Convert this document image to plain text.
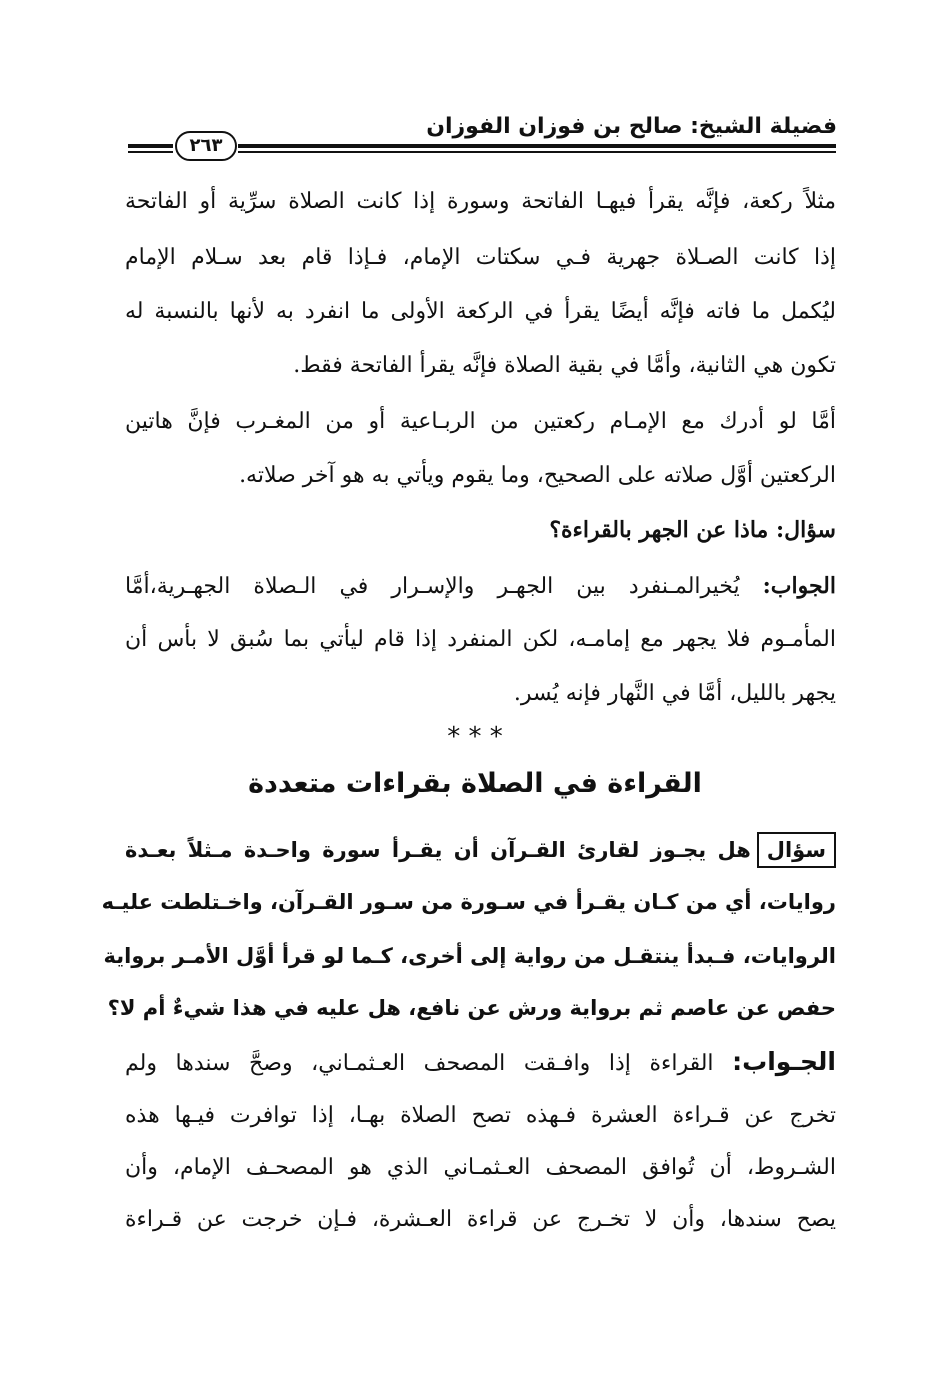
فضيلة الشيخ: صالح بن فوزان الفوزان
٢٦٣
مثلاً ركعة، فإنَّه يقرأ فيهـا الفاتحة وسورة إذا كانت الصلاة سرِّية أو الفاتحة
إذا كانت الصـلاة جهرية فـي سكتات الإمام، فـإذا قام بعد سـلام الإمام
ليُكمل ما فاته فإنَّه أيضًا يقرأ في الركعة الأولى ما انفرد به لأنها بالنسبة له
تكون هي الثانية، وأمَّا في بقية الصلاة فإنَّه يقرأ الفاتحة فقط.
أمَّا لو أدرك مع الإمـام ركعتين من الربـاعية أو من المغـرب فإنَّ هاتين
الركعتين أوَّل صلاته على الصحيح، وما يقوم ويأتي به هو آخر صلاته.
سؤال: ماذا عن الجهر بالقراءة؟
الجواب: يُخيرالمـنفرد بين الجهـر والإسـرار في الـصلاة الجهـرية،أمَّا
المأمـوم فلا يجهر مع إمامـه، لكن المنفرد إذا قام ليأتي بما سُبق لا بأس أن
يجهر بالليل، أمَّا في النَّهار فإنه يُسر.
* * *
القراءة في الصلاة بقراءات متعددة
سؤالهل يجـوز لقارئ القـرآن أن يقـرأ سورة واحـدة مـثلاً بعـدة
روايات، أي من كـان يقـرأ في سـورة من سـور القـرآن، واخـتلطت عليـه
الروايات، فـبدأ ينتقـل من رواية إلى أخرى، كـما لو قرأ أوَّل الأمـر برواية
حفص عن عاصم ثم برواية ورش عن نافع، هل عليه في هذا شيءٌ أم لا؟
الجـواب: القراءة إذا وافـقت المصحف العـثمـاني، وصحَّ سندها ولم
تخرج عن قـراءة العشرة فـهذه تصح الصلاة بهـا، إذا توافرت فيـها هذه
الشـروط، أن تُوافق المصحف العـثمـاني الذي هو المصحـف الإمام، وأن
يصح سندها، وأن لا تخـرج عن قراءة العـشرة، فـإن خرجت عن قـراءة
